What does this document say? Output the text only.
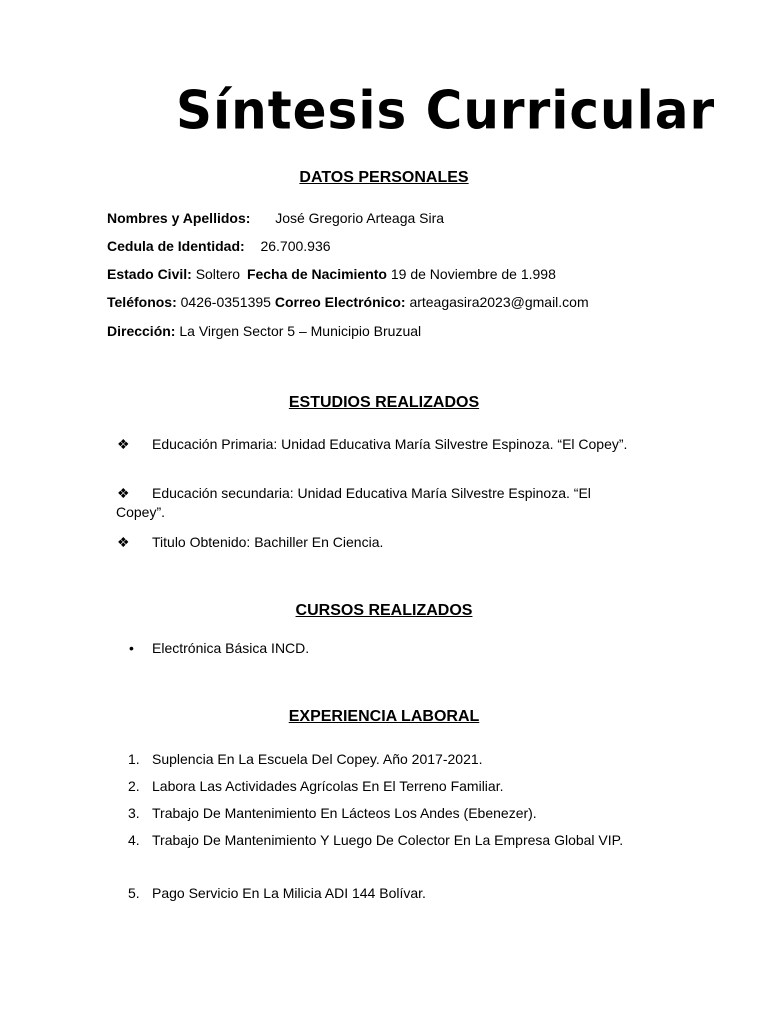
Síntesis Curricular
DATOS PERSONALES
Nombres y Apellidos: José Gregorio Arteaga Sira
Cedula de Identidad: 26.700.936
Estado Civil: Soltero Fecha de Nacimiento 19 de Noviembre de 1.998
Teléfonos: 0426-0351395 Correo Electrónico: arteagasira2023@gmail.com
Dirección: La Virgen Sector 5 – Municipio Bruzual
ESTUDIOS REALIZADOS
❖ Educación Primaria: Unidad Educativa María Silvestre Espinoza. “El Copey”.
❖ Educación secundaria: Unidad Educativa María Silvestre Espinoza. “El Copey”.
❖ Titulo Obtenido: Bachiller En Ciencia.
CURSOS REALIZADOS
• Electrónica Básica INCD.
EXPERIENCIA LABORAL
1. Suplencia En La Escuela Del Copey. Año 2017-2021.
2. Labora Las Actividades Agrícolas En El Terreno Familiar.
3. Trabajo De Mantenimiento En Lácteos Los Andes (Ebenezer).
4. Trabajo De Mantenimiento Y Luego De Colector En La Empresa Global VIP.
5. Pago Servicio En La Milicia ADI 144 Bolívar.
